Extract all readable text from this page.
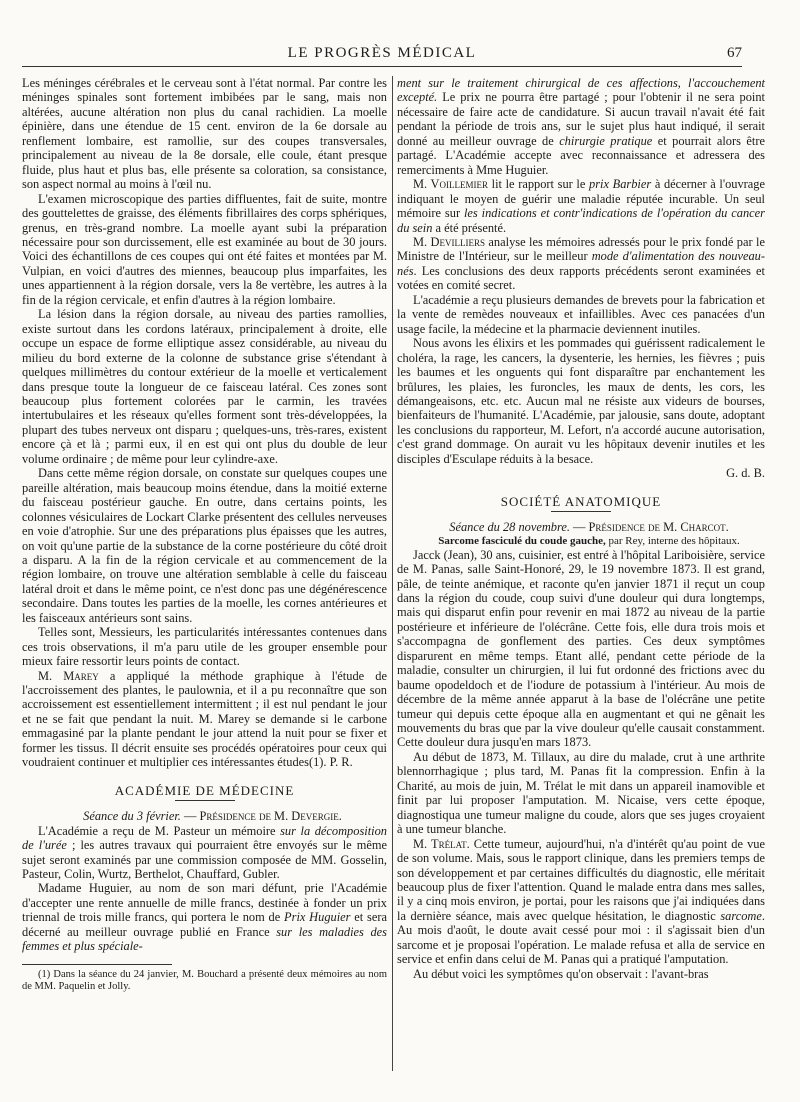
LE PROGRÈS MÉDICAL	67

Les méninges cérébrales et le cerveau sont à l'état normal. Par contre les méninges spinales sont fortement imbibées par le sang, mais non altérées, aucune altération non plus du canal rachidien. La moelle épinière, dans une étendue de 15 cent. environ de la 6e dorsale au renflement lombaire, est ramollie, sur des coupes transversales, principalement au niveau de la 8e dorsale, elle coule, étant presque fluide, plus haut et plus bas, elle présente sa coloration, sa consistance, son aspect normal au moins à l'œil nu.

L'examen microscopique des parties diffluentes, fait de suite, montre des gouttelettes de graisse, des éléments fibrillaires des corps sphériques, grenus, en très-grand nombre. La moelle ayant subi la préparation nécessaire pour son durcissement, elle est examinée au bout de 30 jours. Voici des échantillons de ces coupes qui ont été faites et montées par M. Vulpian, en voici d'autres des miennes, beaucoup plus imparfaites, les unes appartiennent à la région dorsale, vers la 8e vertèbre, les autres à la fin de la région cervicale, et enfin d'autres à la région lombaire.

La lésion dans la région dorsale, au niveau des parties ramollies, existe surtout dans les cordons latéraux, principalement à droite, elle occupe un espace de forme elliptique assez considérable, au niveau du milieu du bord externe de la colonne de substance grise s'étendant à quelques millimètres du contour extérieur de la moelle et verticalement dans presque toute la longueur de ce faisceau latéral. Ces zones sont beaucoup plus fortement colorées par le carmin, les travées intertubulaires et les réseaux qu'elles forment sont très-développées, la plupart des tubes nerveux ont disparu ; quelques-uns, très-rares, existent encore çà et là ; parmi eux, il en est qui ont plus du double de leur volume ordinaire ; de même pour leur cylindre-axe.

Dans cette même région dorsale, on constate sur quelques coupes une pareille altération, mais beaucoup moins étendue, dans la moitié externe du faisceau postérieur gauche. En outre, dans certains points, les colonnes vésiculaires de Lockart Clarke présentent des cellules nerveuses en voie d'atrophie. Sur une des préparations plus épaisses que les autres, on voit qu'une partie de la substance de la corne postérieure du côté droit a disparu. A la fin de la région cervicale et au commencement de la région lombaire, on trouve une altération semblable à celle du faisceau latéral droit et dans le même point, ce n'est donc pas une dégénérescence secondaire. Dans toutes les parties de la moelle, les cornes antérieures et les faisceaux antérieurs sont sains.

Telles sont, Messieurs, les particularités intéressantes contenues dans ces trois observations, il m'a paru utile de les grouper ensemble pour mieux faire ressortir leurs points de contact.

M. Marey a appliqué la méthode graphique à l'étude de l'accroissement des plantes, le paulownia, et il a pu reconnaître que son accroissement est essentiellement intermittent ; il est nul pendant le jour et ne se fait que pendant la nuit. M. Marey se demande si le carbone emmagasiné par la plante pendant le jour attend la nuit pour se fixer et former les tissus. Il décrit ensuite ses procédés opératoires pour ceux qui voudraient continuer et multiplier ces intéressantes études(1). P. R.

ACADÉMIE DE MÉDECINE

Séance du 3 février. — Présidence de M. Devergie.

L'Académie a reçu de M. Pasteur un mémoire sur la décomposition de l'urée ; les autres travaux qui pourraient être envoyés sur le même sujet seront examinés par une commission composée de MM. Gosselin, Pasteur, Colin, Wurtz, Berthelot, Chauffard, Gubler.

Madame Huguier, au nom de son mari défunt, prie l'Académie d'accepter une rente annuelle de mille francs, destinée à fonder un prix triennal de trois mille francs, qui portera le nom de Prix Huguier et sera décerné au meilleur ouvrage publié en France sur les maladies des femmes et plus spéciale-

(1) Dans la séance du 24 janvier, M. Bouchard a présenté deux mémoires au nom de MM. Paquelin et Jolly.

ment sur le traitement chirurgical de ces affections, l'accouchement excepté. Le prix ne pourra être partagé ; pour l'obtenir il ne sera point nécessaire de faire acte de candidature. Si aucun travail n'avait été fait pendant la période de trois ans, sur le sujet plus haut indiqué, il serait donné au meilleur ouvrage de chirurgie pratique et pourrait alors être partagé. L'Académie accepte avec reconnaissance et adressera des remerciments à Mme Huguier.

M. Voillemier lit le rapport sur le prix Barbier à décerner à l'ouvrage indiquant le moyen de guérir une maladie réputée incurable. Un seul mémoire sur les indications et contr'indications de l'opération du cancer du sein a été présenté.

M. Devilliers analyse les mémoires adressés pour le prix fondé par le Ministre de l'Intérieur, sur le meilleur mode d'alimentation des nouveau-nés. Les conclusions des deux rapports précédents seront examinées et votées en comité secret.

L'académie a reçu plusieurs demandes de brevets pour la fabrication et la vente de remèdes nouveaux et infaillibles. Avec ces panacées d'un usage facile, la médecine et la pharmacie deviennent inutiles.

Nous avons les élixirs et les pommades qui guérissent radicalement le choléra, la rage, les cancers, la dysenterie, les hernies, les fièvres ; puis les baumes et les onguents qui font disparaître par enchantement les brûlures, les plaies, les furoncles, les maux de dents, les cors, les démangeaisons, etc. etc. Aucun mal ne résiste aux videurs de bourses, bienfaiteurs de l'humanité. L'Académie, par jalousie, sans doute, adoptant les conclusions du rapporteur, M. Lefort, n'a accordé aucune autorisation, c'est grand dommage. On aurait vu les hôpitaux devenir inutiles et les disciples d'Esculape réduits à la besace.

G. d. B.

SOCIÉTÉ ANATOMIQUE

Séance du 28 novembre. — Présidence de M. Charcot.

Sarcome fasciculé du coude gauche, par Rey, interne des hôpitaux.

Jacck (Jean), 30 ans, cuisinier, est entré à l'hôpital Lariboisière, service de M. Panas, salle Saint-Honoré, 29, le 19 novembre 1873. Il est grand, pâle, de teinte anémique, et raconte qu'en janvier 1871 il reçut un coup dans la région du coude, coup suivi d'une douleur qui dura longtemps, mais qui disparut enfin pour revenir en mai 1872 au niveau de la partie postérieure et inférieure de l'olécrâne. Cette fois, elle dura trois mois et s'accompagna de gonflement des parties. Ces deux symptômes disparurent en même temps. Etant allé, pendant cette période de la maladie, consulter un chirurgien, il lui fut ordonné des frictions avec du baume opodeldoch et de l'iodure de potassium à l'intérieur. Au mois de décembre de la même année apparut à la base de l'olécrâne une petite tumeur qui depuis cette époque alla en augmentant et qui ne gênait les mouvements du bras que par la vive douleur qu'elle causait constamment. Cette douleur dura jusqu'en mars 1873.

Au début de 1873, M. Tillaux, au dire du malade, crut à une arthrite blennorrhagique ; plus tard, M. Panas fit la compression. Enfin à la Charité, au mois de juin, M. Trélat le mit dans un appareil inamovible et finit par lui proposer l'amputation. M. Nicaise, vers cette époque, diagnostiqua une tumeur maligne du coude, alors que ses juges croyaient à une tumeur blanche.

M. Trélat. Cette tumeur, aujourd'hui, n'a d'intérêt qu'au point de vue de son volume. Mais, sous le rapport clinique, dans les premiers temps de son développement et par certaines difficultés du diagnostic, elle méritait beaucoup plus de fixer l'attention. Quand le malade entra dans mes salles, il y a cinq mois environ, je portai, pour les raisons que j'ai indiquées dans la dernière séance, mais avec quelque hésitation, le diagnostic sarcome. Au mois d'août, le doute avait cessé pour moi : il s'agissait bien d'un sarcome et je proposai l'opération. Le malade refusa et alla de service en service et enfin dans celui de M. Panas qui a pratiqué l'amputation.

Au début voici les symptômes qu'on observait : l'avant-bras
